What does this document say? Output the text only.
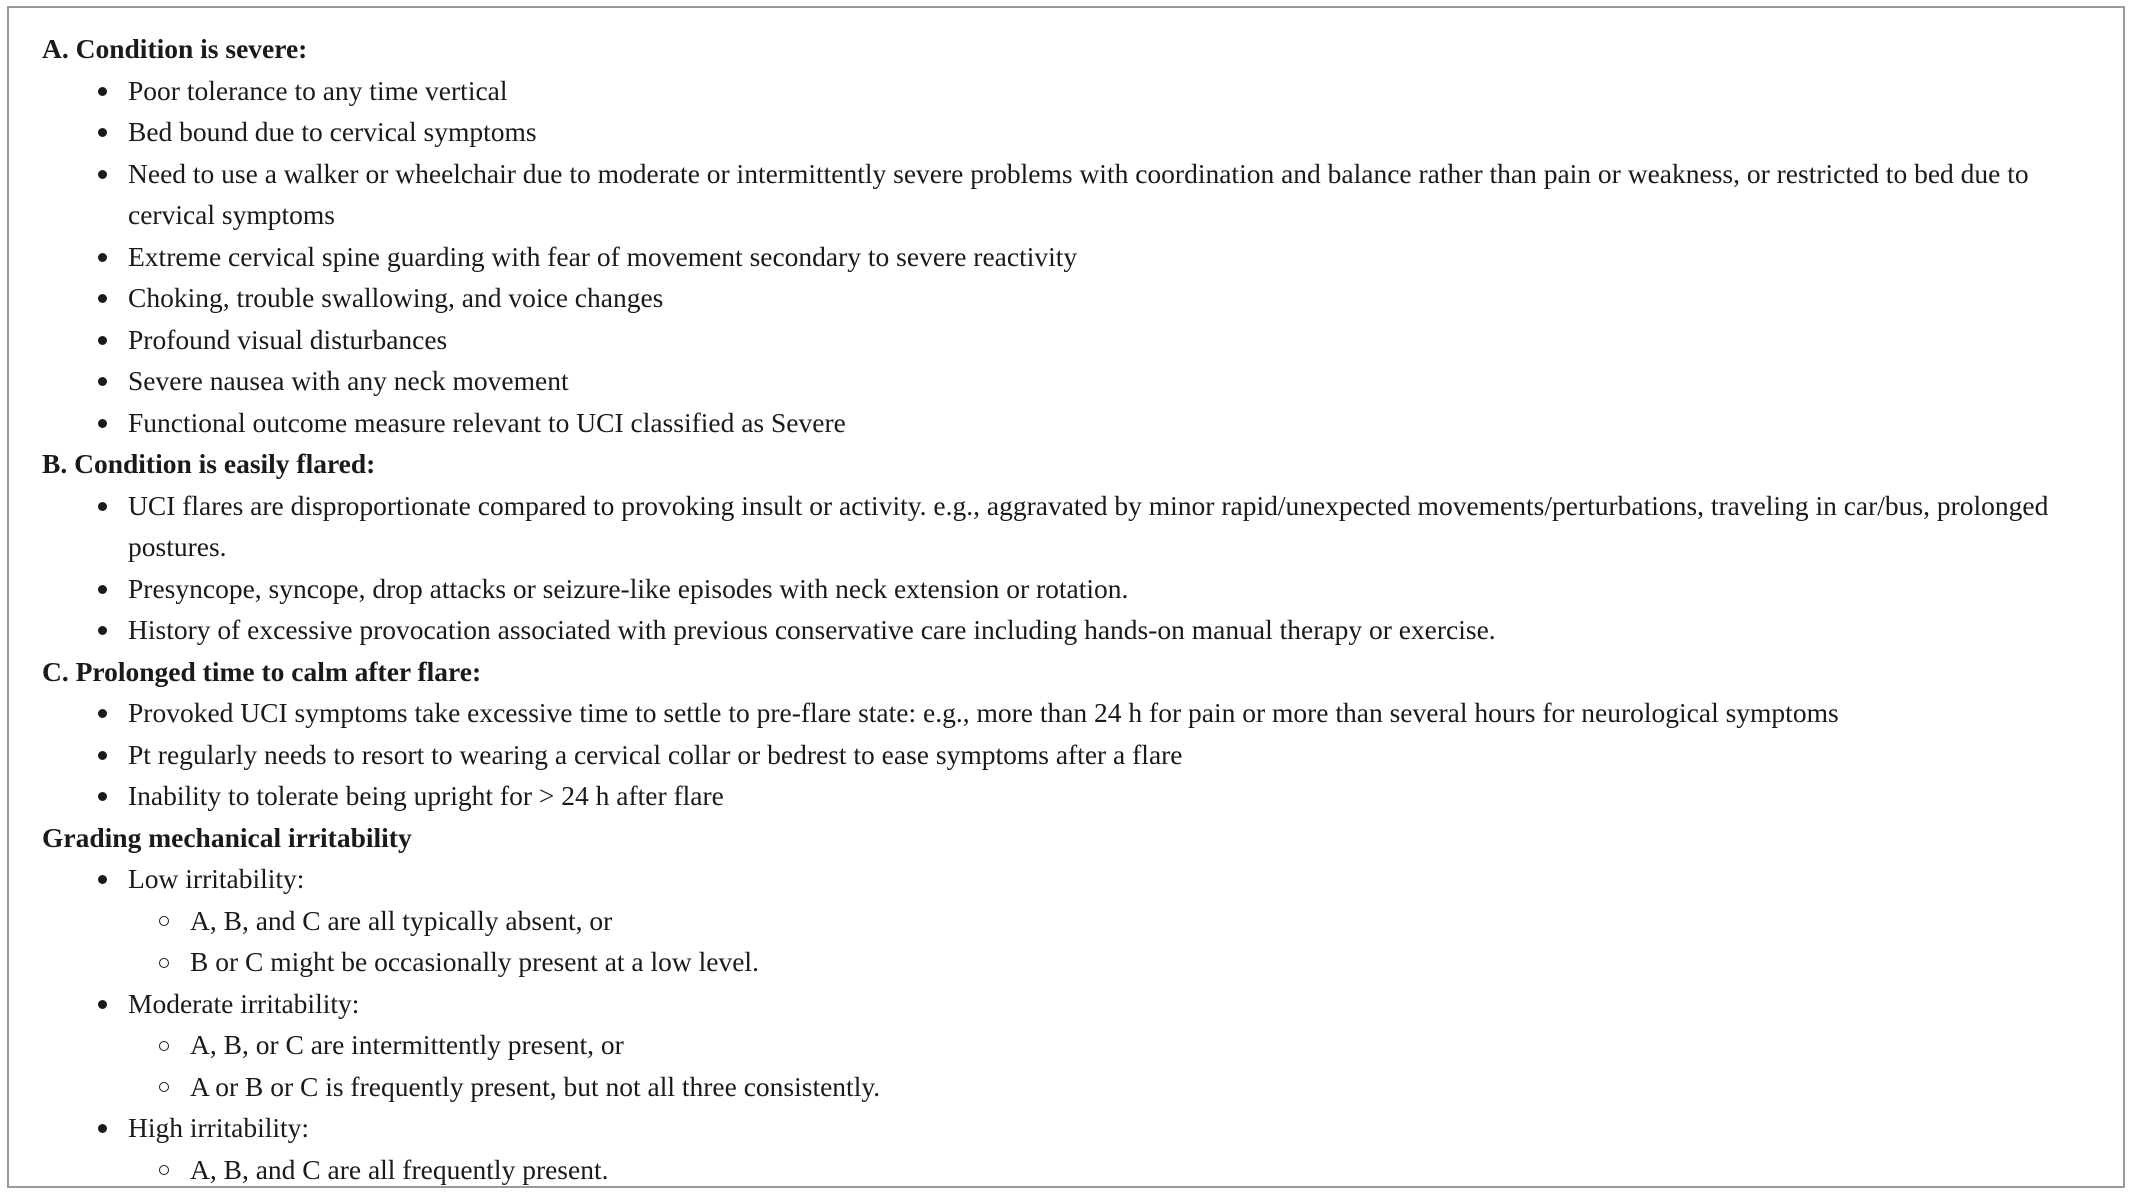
A. Condition is severe:

Poor tolerance to any time vertical
Bed bound due to cervical symptoms
Need to use a walker or wheelchair due to moderate or intermittently severe problems with coordination and balance rather than pain or weakness, or restricted to bed due to cervical symptoms
Extreme cervical spine guarding with fear of movement secondary to severe reactivity
Choking, trouble swallowing, and voice changes
Profound visual disturbances
Severe nausea with any neck movement
Functional outcome measure relevant to UCI classified as Severe

B. Condition is easily flared:

UCI flares are disproportionate compared to provoking insult or activity. e.g., aggravated by minor rapid/unexpected movements/perturbations, traveling in car/bus, prolonged postures.
Presyncope, syncope, drop attacks or seizure-like episodes with neck extension or rotation.
History of excessive provocation associated with previous conservative care including hands-on manual therapy or exercise.

C. Prolonged time to calm after flare:

Provoked UCI symptoms take excessive time to settle to pre-flare state: e.g., more than 24 h for pain or more than several hours for neurological symptoms
Pt regularly needs to resort to wearing a cervical collar or bedrest to ease symptoms after a flare
Inability to tolerate being upright for > 24 h after flare

Grading mechanical irritability

Low irritability:
A, B, and C are all typically absent, or
B or C might be occasionally present at a low level.
Moderate irritability:
A, B, or C are intermittently present, or
A or B or C is frequently present, but not all three consistently.
High irritability:
A, B, and C are all frequently present.
